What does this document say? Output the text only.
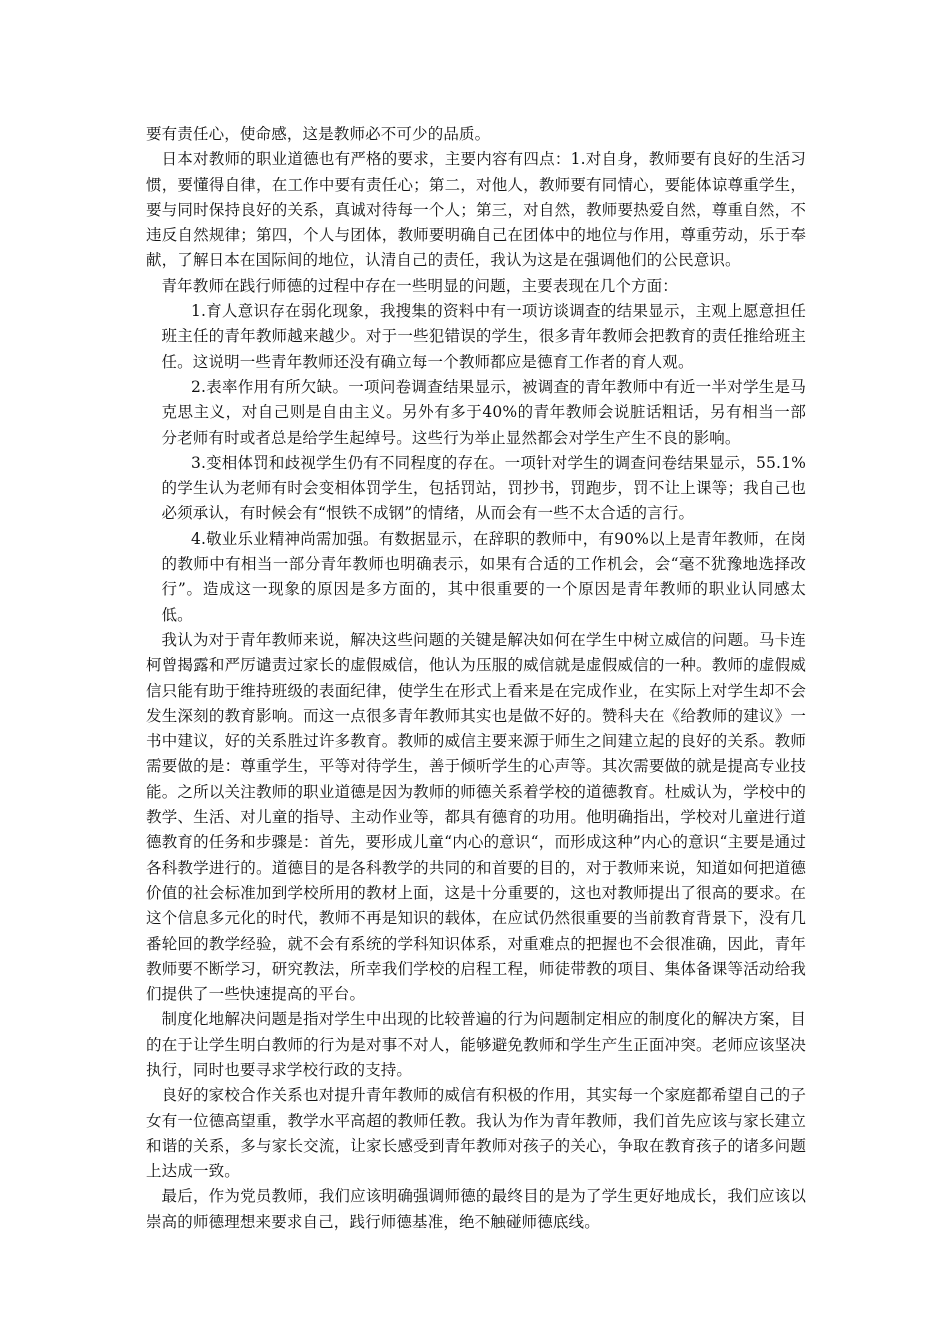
要有责任心，使命感，这是教师必不可少的品质。

日本对教师的职业道德也有严格的要求，主要内容有四点：1.对自身，教师要有良好的生活习惯，要懂得自律，在工作中要有责任心；第二，对他人，教师要有同情心，要能体谅尊重学生，要与同时保持良好的关系，真诚对待每一个人；第三，对自然，教师要热爱自然，尊重自然，不违反自然规律；第四，个人与团体，教师要明确自己在团体中的地位与作用，尊重劳动，乐于奉献，了解日本在国际间的地位，认清自己的责任，我认为这是在强调他们的公民意识。

青年教师在践行师德的过程中存在一些明显的问题，主要表现在几个方面：

1.育人意识存在弱化现象，我搜集的资料中有一项访谈调查的结果显示，主观上愿意担任班主任的青年教师越来越少。对于一些犯错误的学生，很多青年教师会把教育的责任推给班主任。这说明一些青年教师还没有确立每一个教师都应是德育工作者的育人观。

2.表率作用有所欠缺。一项问卷调查结果显示，被调查的青年教师中有近一半对学生是马克思主义，对自己则是自由主义。另外有多于40%的青年教师会说脏话粗话，另有相当一部分老师有时或者总是给学生起绰号。这些行为举止显然都会对学生产生不良的影响。

3.变相体罚和歧视学生仍有不同程度的存在。一项针对学生的调查问卷结果显示，55.1%的学生认为老师有时会变相体罚学生，包括罚站，罚抄书，罚跑步，罚不让上课等；我自己也必须承认，有时候会有“恨铁不成钢”的情绪，从而会有一些不太合适的言行。

4.敬业乐业精神尚需加强。有数据显示，在辞职的教师中，有90%以上是青年教师，在岗的教师中有相当一部分青年教师也明确表示，如果有合适的工作机会，会“毫不犹豫地选择改行”。造成这一现象的原因是多方面的，其中很重要的一个原因是青年教师的职业认同感太低。

我认为对于青年教师来说，解决这些问题的关键是解决如何在学生中树立威信的问题。马卡连柯曾揭露和严厉谴责过家长的虚假威信，他认为压服的威信就是虚假威信的一种。教师的虚假威信只能有助于维持班级的表面纪律，使学生在形式上看来是在完成作业，在实际上对学生却不会发生深刻的教育影响。而这一点很多青年教师其实也是做不好的。赞科夫在《给教师的建议》一书中建议，好的关系胜过许多教育。教师的威信主要来源于师生之间建立起的良好的关系。教师需要做的是：尊重学生，平等对待学生，善于倾听学生的心声等。其次需要做的就是提高专业技能。之所以关注教师的职业道德是因为教师的师德关系着学校的道德教育。杜威认为，学校中的教学、生活、对儿童的指导、主动作业等，都具有德育的功用。他明确指出，学校对儿童进行道德教育的任务和步骤是：首先，要形成儿童“内心的意识“，而形成这种”内心的意识“主要是通过各科教学进行的。道德目的是各科教学的共同的和首要的目的，对于教师来说，知道如何把道德价值的社会标准加到学校所用的教材上面，这是十分重要的，这也对教师提出了很高的要求。在这个信息多元化的时代，教师不再是知识的载体，在应试仍然很重要的当前教育背景下，没有几番轮回的教学经验，就不会有系统的学科知识体系，对重难点的把握也不会很准确，因此，青年教师要不断学习，研究教法，所幸我们学校的启程工程，师徒带教的项目、集体备课等活动给我们提供了一些快速提高的平台。

制度化地解决问题是指对学生中出现的比较普遍的行为问题制定相应的制度化的解决方案，目的在于让学生明白教师的行为是对事不对人，能够避免教师和学生产生正面冲突。老师应该坚决执行，同时也要寻求学校行政的支持。

良好的家校合作关系也对提升青年教师的威信有积极的作用，其实每一个家庭都希望自己的子女有一位德高望重，教学水平高超的教师任教。我认为作为青年教师，我们首先应该与家长建立和谐的关系，多与家长交流，让家长感受到青年教师对孩子的关心，争取在教育孩子的诸多问题上达成一致。

最后，作为党员教师，我们应该明确强调师德的最终目的是为了学生更好地成长，我们应该以崇高的师德理想来要求自己，践行师德基准，绝不触碰师德底线。
